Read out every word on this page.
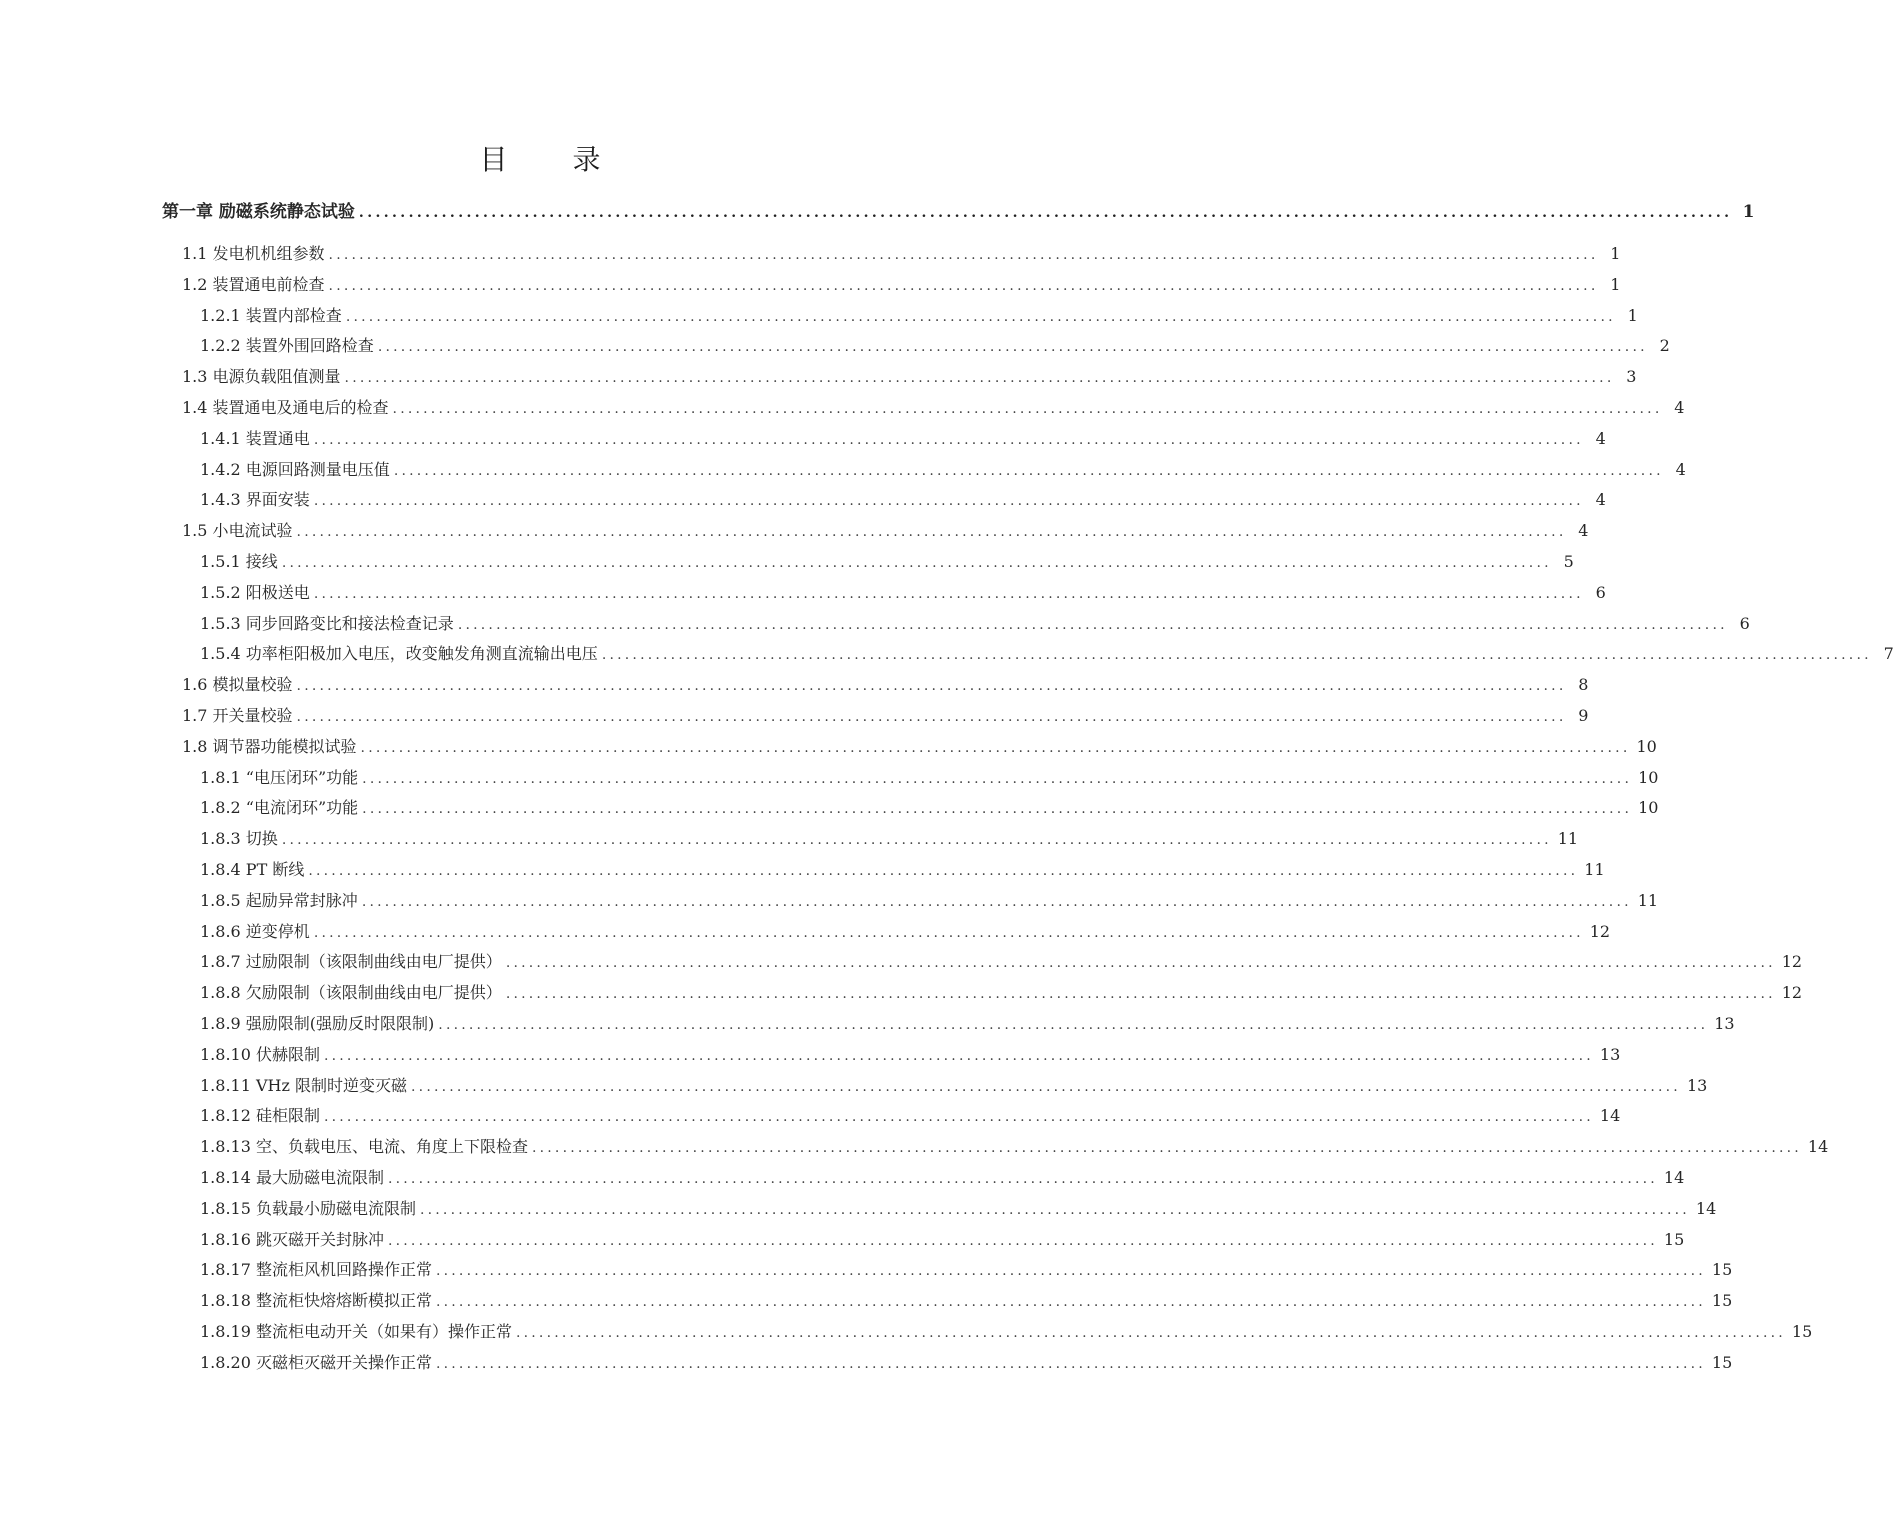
目 录
第一章 励磁系统静态试验 ...................................................................................................................................................................... 1
1.1 发电机机组参数 ...................................................................................................................................................................... 1
1.2 装置通电前检查 ...................................................................................................................................................................... 1
1.2.1 装置内部检查 ...................................................................................................................................................................... 1
1.2.2 装置外围回路检查 ...................................................................................................................................................................... 2
1.3 电源负载阻值测量 ...................................................................................................................................................................... 3
1.4 装置通电及通电后的检查 ...................................................................................................................................................................... 4
1.4.1 装置通电 ...................................................................................................................................................................... 4
1.4.2 电源回路测量电压值 ...................................................................................................................................................................... 4
1.4.3 界面安装 ...................................................................................................................................................................... 4
1.5 小电流试验 ...................................................................................................................................................................... 4
1.5.1 接线 ...................................................................................................................................................................... 5
1.5.2 阳极送电 ...................................................................................................................................................................... 6
1.5.3 同步回路变比和接法检查记录 ...................................................................................................................................................................... 6
1.5.4 功率柜阳极加入电压，改变触发角测直流输出电压 ...................................................................................................................................................................... 7
1.6 模拟量校验 ...................................................................................................................................................................... 8
1.7 开关量校验 ...................................................................................................................................................................... 9
1.8 调节器功能模拟试验 ...................................................................................................................................................................... 10
1.8.1 “电压闭环”功能 ...................................................................................................................................................................... 10
1.8.2 “电流闭环”功能 ...................................................................................................................................................................... 10
1.8.3 切换 ...................................................................................................................................................................... 11
1.8.4 PT 断线 ...................................................................................................................................................................... 11
1.8.5 起励异常封脉冲 ...................................................................................................................................................................... 11
1.8.6 逆变停机 ...................................................................................................................................................................... 12
1.8.7 过励限制（该限制曲线由电厂提供） ...................................................................................................................................................................... 12
1.8.8 欠励限制（该限制曲线由电厂提供） ...................................................................................................................................................................... 12
1.8.9 强励限制(强励反时限限制) ...................................................................................................................................................................... 13
1.8.10 伏赫限制 ...................................................................................................................................................................... 13
1.8.11 VHz 限制时逆变灭磁 ...................................................................................................................................................................... 13
1.8.12 硅柜限制 ...................................................................................................................................................................... 14
1.8.13 空、负载电压、电流、角度上下限检查 ...................................................................................................................................................................... 14
1.8.14 最大励磁电流限制 ...................................................................................................................................................................... 14
1.8.15 负载最小励磁电流限制 ...................................................................................................................................................................... 14
1.8.16 跳灭磁开关封脉冲 ...................................................................................................................................................................... 15
1.8.17 整流柜风机回路操作正常 ...................................................................................................................................................................... 15
1.8.18 整流柜快熔熔断模拟正常 ...................................................................................................................................................................... 15
1.8.19 整流柜电动开关（如果有）操作正常 ...................................................................................................................................................................... 15
1.8.20 灭磁柜灭磁开关操作正常 ...................................................................................................................................................................... 15
